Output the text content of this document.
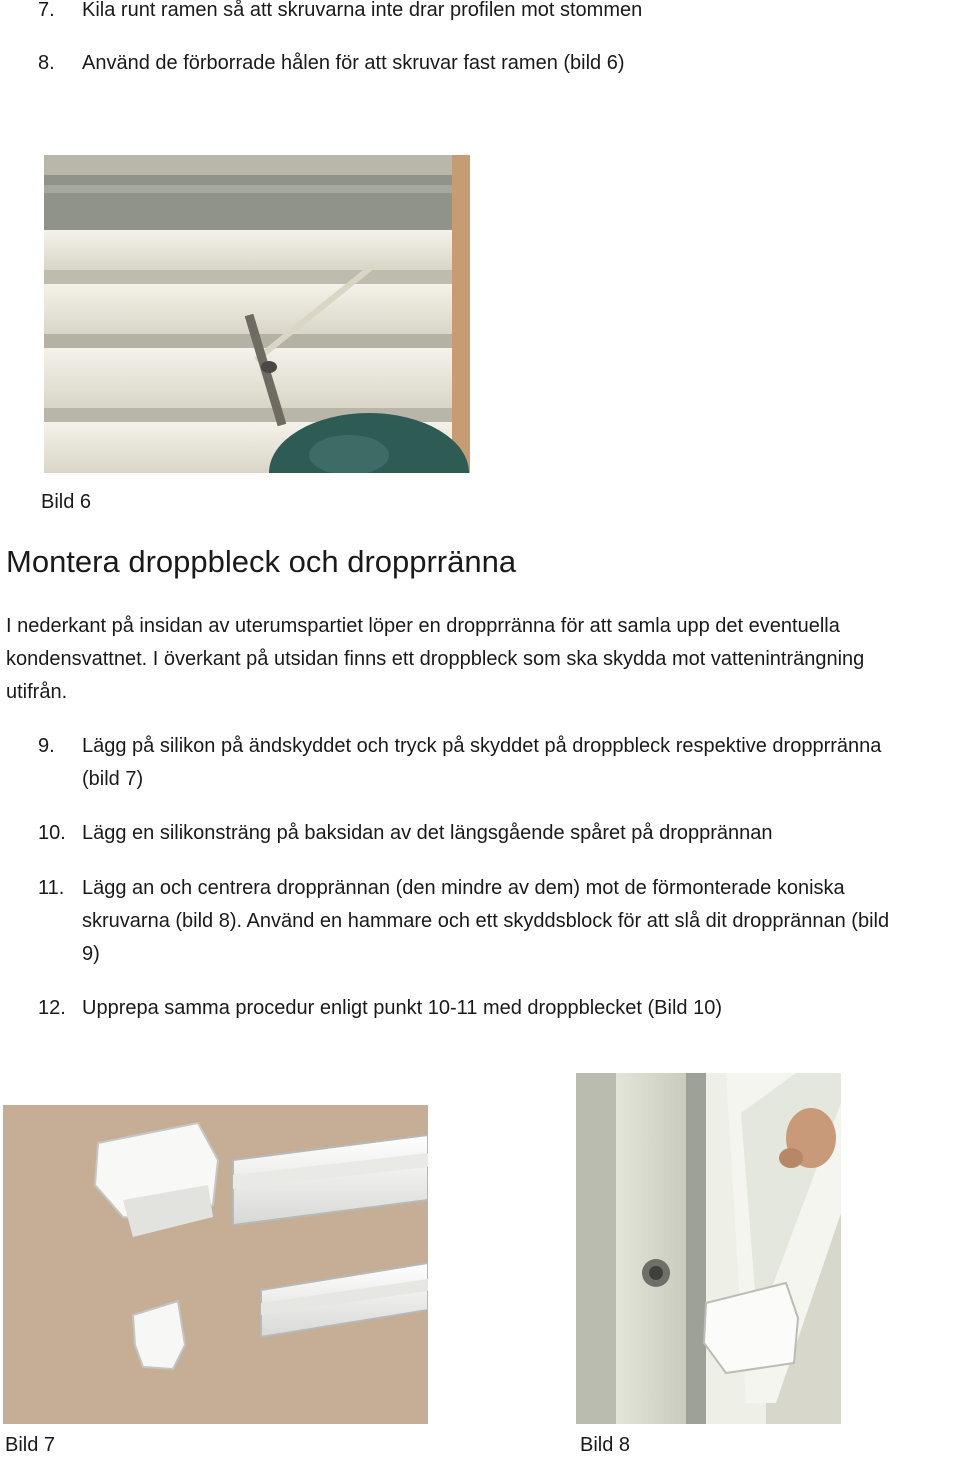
7. Kila runt ramen så att skruvarna inte drar profilen mot stommen
8. Använd de förborrade hålen för att skruvar fast ramen (bild 6)
Bild 6
Montera droppbleck och dropprränna
I nederkant på insidan av uterumspartiet löper en dropprränna för att samla upp det eventuella
kondensvattnet. I överkant på utsidan finns ett droppbleck som ska skydda mot vatteninträngning
utifrån.
9. Lägg på silikon på ändskyddet och tryck på skyddet på droppbleck respektive dropprränna
(bild 7)
10. Lägg en silikonsträng på baksidan av det längsgående spåret på dropprännan
11. Lägg an och centrera dropprännan (den mindre av dem) mot de förmonterade koniska
skruvarna (bild 8). Använd en hammare och ett skyddsblock för att slå dit dropprännan (bild
9)
12. Upprepa samma procedur enligt punkt 10-11 med droppblecket (Bild 10)
Bild 7	Bild 8
